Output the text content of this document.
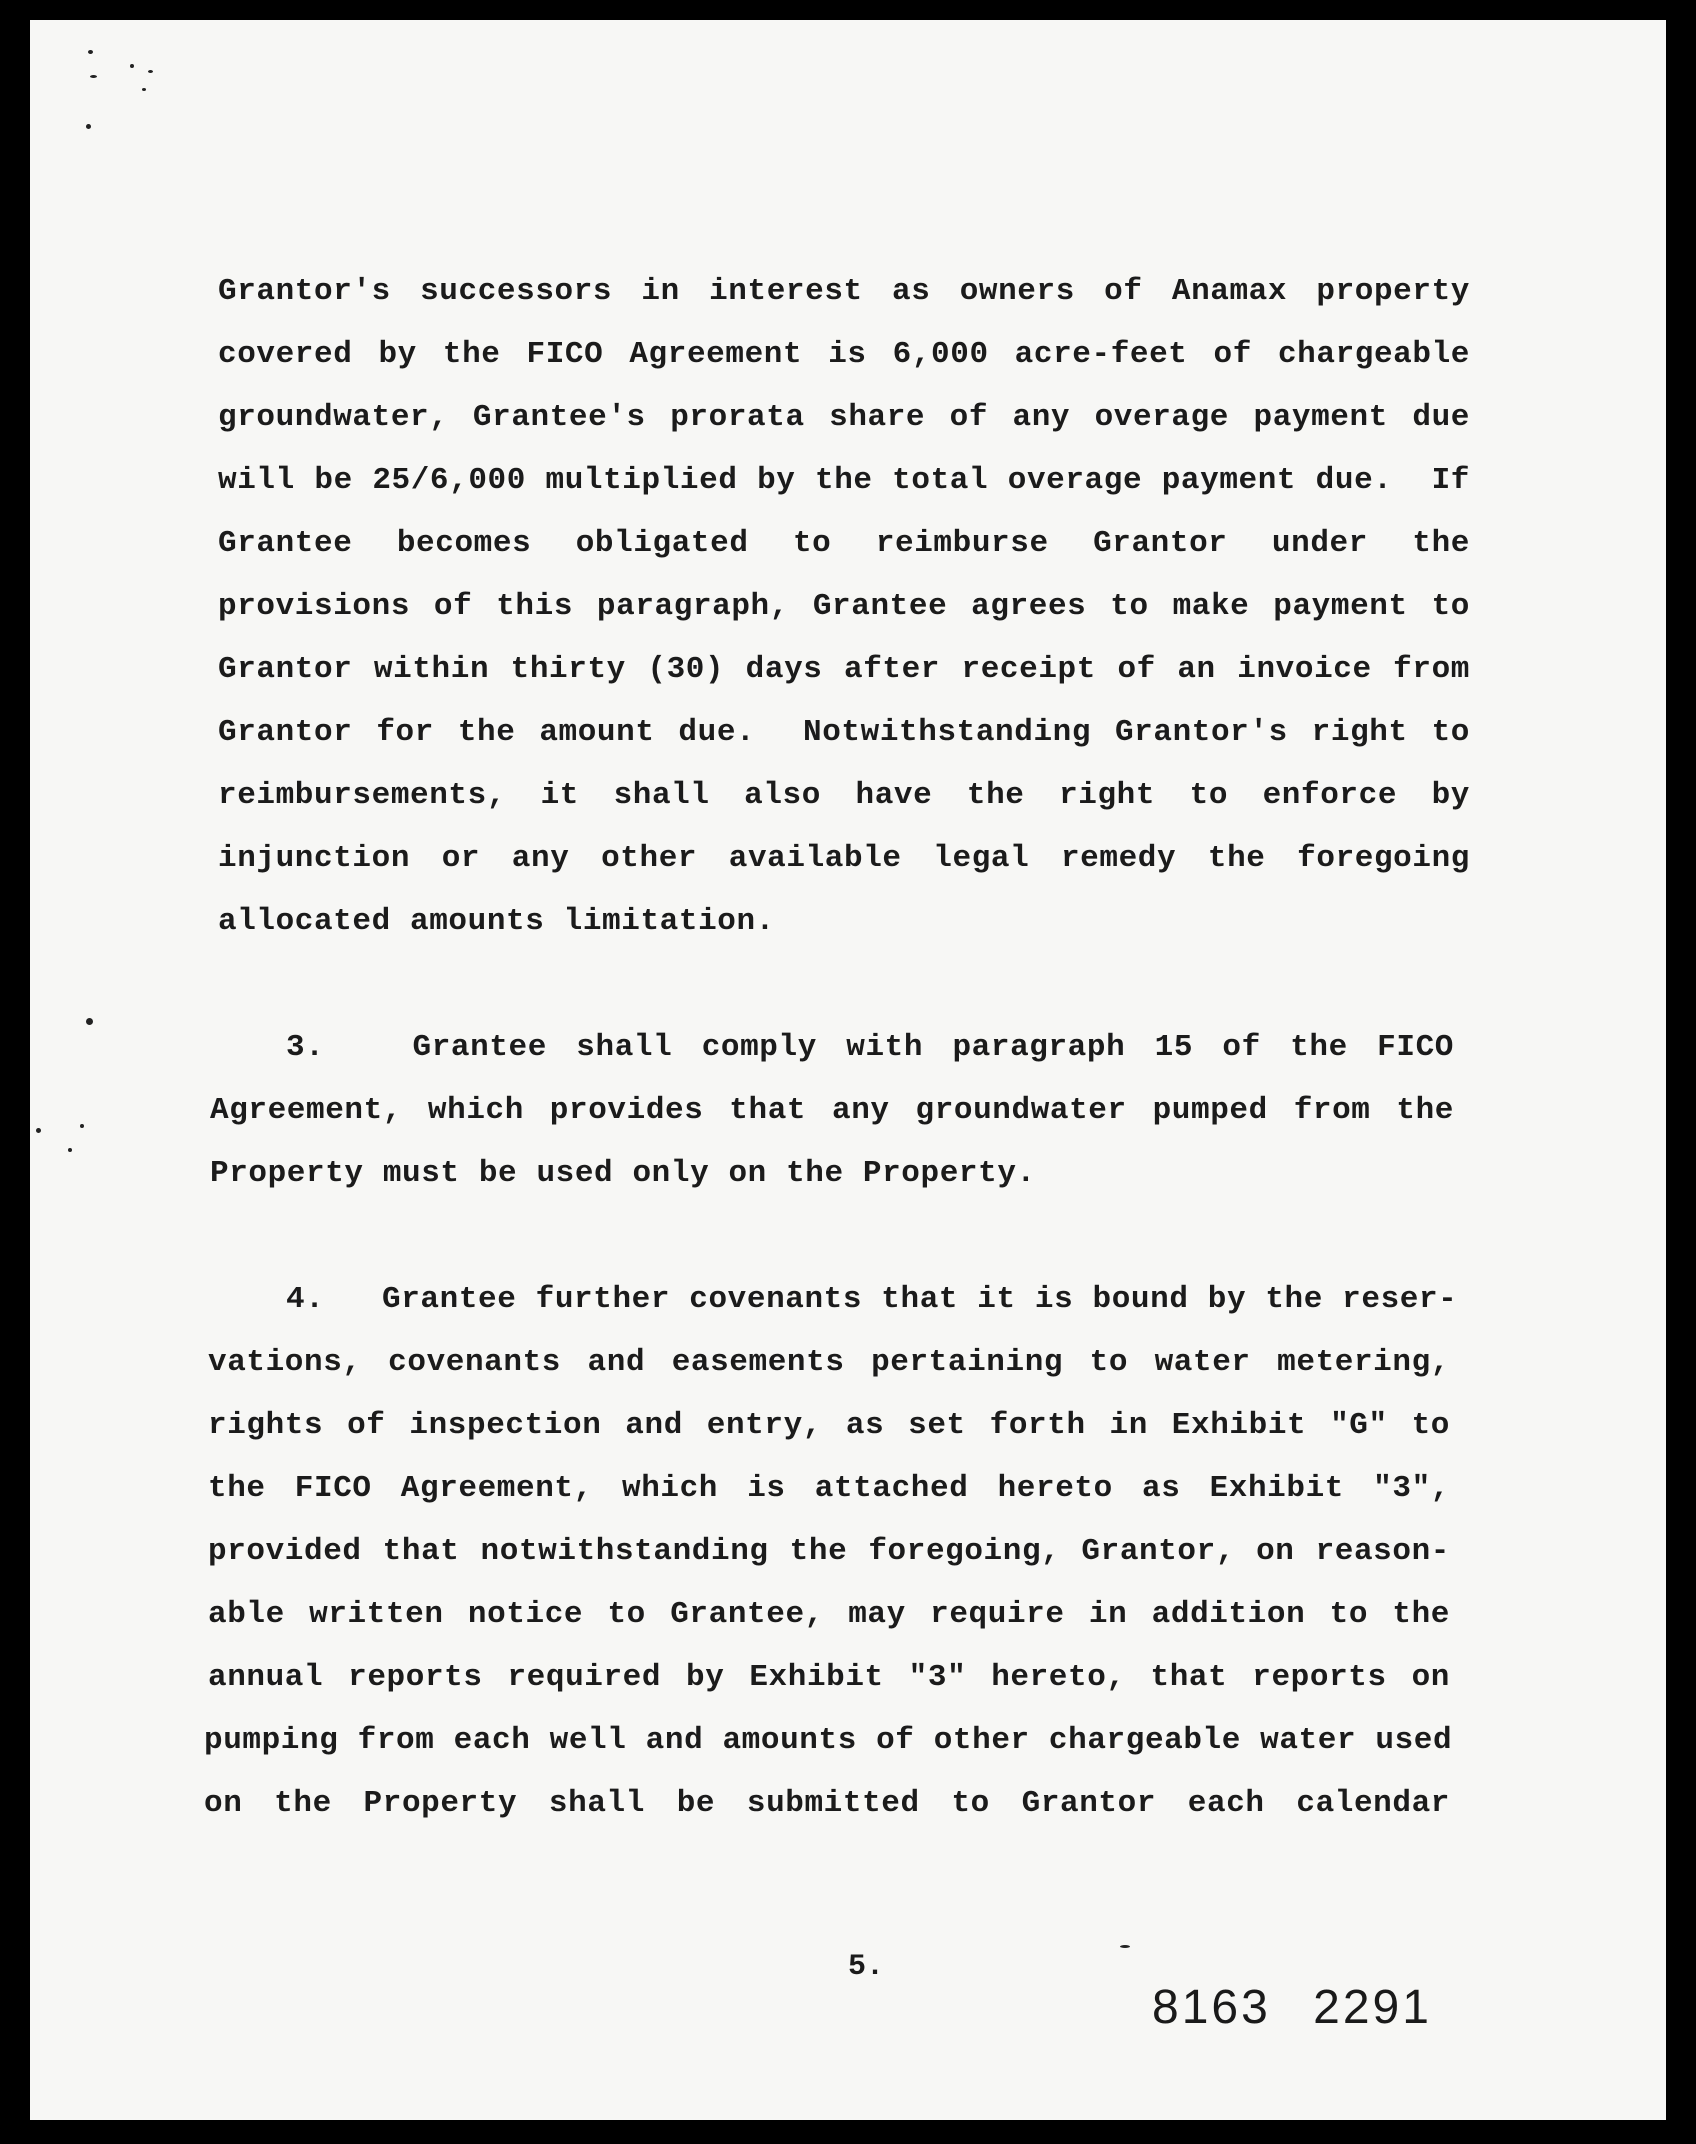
Grantor's successors in interest as owners of Anamax property

covered by the FICO Agreement is 6,000 acre-feet of chargeable

groundwater, Grantee's prorata share of any overage payment due

will be 25/6,000 multiplied by the total overage payment due.  If

Grantee becomes obligated to reimburse Grantor under the

provisions of this paragraph, Grantee agrees to make payment to

Grantor within thirty (30) days after receipt of an invoice from

Grantor for the amount due.  Notwithstanding Grantor's right to

reimbursements, it shall also have the right to enforce by

injunction or any other available legal remedy the foregoing

allocated amounts limitation.

3.   Grantee shall comply with paragraph 15 of the FICO

Agreement, which provides that any groundwater pumped from the

Property must be used only on the Property.

4.   Grantee further covenants that it is bound by the reser-

vations, covenants and easements pertaining to water metering,

rights of inspection and entry, as set forth in Exhibit "G" to

the FICO Agreement, which is attached hereto as Exhibit "3",

provided that notwithstanding the foregoing, Grantor, on reason-

able written notice to Grantee, may require in addition to the

annual reports required by Exhibit "3" hereto, that reports on

pumping from each well and amounts of other chargeable water used

on the Property shall be submitted to Grantor each calendar

5.
8163 2291
